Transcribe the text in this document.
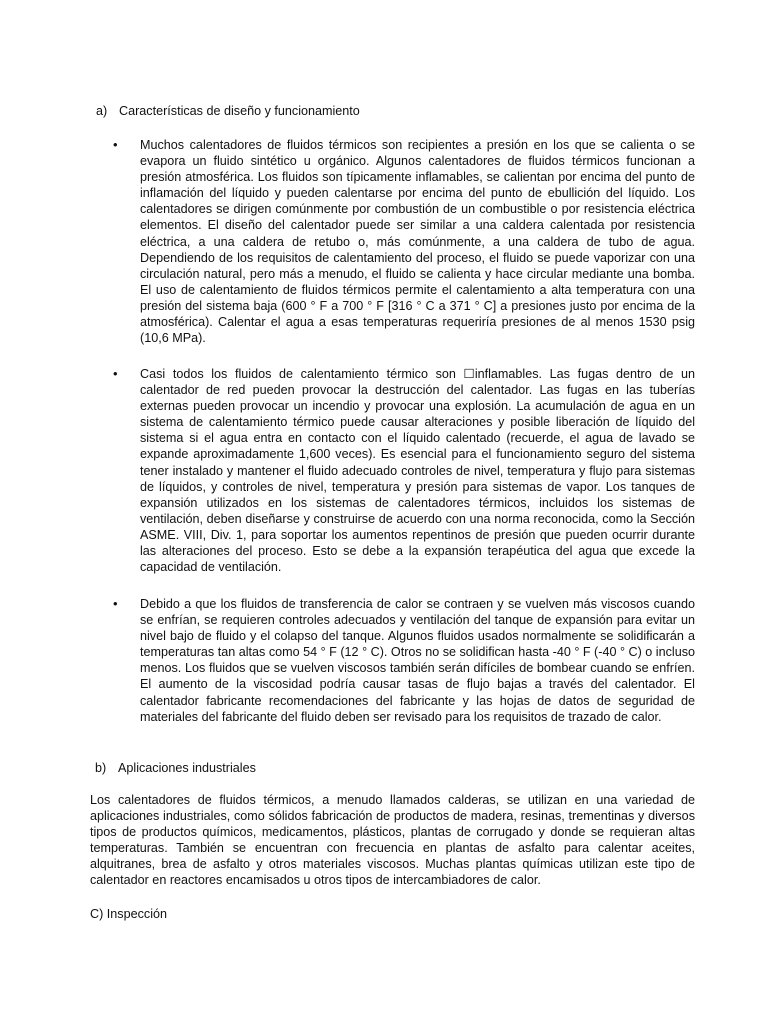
a) Características de diseño y funcionamiento
• Muchos calentadores de fluidos térmicos son recipientes a presión en los que se calienta o se evapora un fluido sintético u orgánico. Algunos calentadores de fluidos térmicos funcionan a presión atmosférica. Los fluidos son típicamente inflamables, se calientan por encima del punto de inflamación del líquido y pueden calentarse por encima del punto de ebullición del líquido. Los calentadores se dirigen comúnmente por combustión de un combustible o por resistencia eléctrica elementos. El diseño del calentador puede ser similar a una caldera calentada por resistencia eléctrica, a una caldera de retubo o, más comúnmente, a una caldera de tubo de agua. Dependiendo de los requisitos de calentamiento del proceso, el fluido se puede vaporizar con una circulación natural, pero más a menudo, el fluido se calienta y hace circular mediante una bomba. El uso de calentamiento de fluidos térmicos permite el calentamiento a alta temperatura con una presión del sistema baja (600 ° F a 700 ° F [316 ° C a 371 ° C] a presiones justo por encima de la atmosférica). Calentar el agua a esas temperaturas requeriría presiones de al menos 1530 psig (10,6 MPa).

• Casi todos los fluidos de calentamiento térmico son ☐inflamables. Las fugas dentro de un calentador de red pueden provocar la destrucción del calentador. Las fugas en las tuberías externas pueden provocar un incendio y provocar una explosión. La acumulación de agua en un sistema de calentamiento térmico puede causar alteraciones y posible liberación de líquido del sistema si el agua entra en contacto con el líquido calentado (recuerde, el agua de lavado se expande aproximadamente 1,600 veces). Es esencial para el funcionamiento seguro del sistema tener instalado y mantener el fluido adecuado controles de nivel, temperatura y flujo para sistemas de líquidos, y controles de nivel, temperatura y presión para sistemas de vapor. Los tanques de expansión utilizados en los sistemas de calentadores térmicos, incluidos los sistemas de ventilación, deben diseñarse y construirse de acuerdo con una norma reconocida, como la Sección ASME. VIII, Div. 1, para soportar los aumentos repentinos de presión que pueden ocurrir durante las alteraciones del proceso. Esto se debe a la expansión terapéutica del agua que excede la capacidad de ventilación.

• Debido a que los fluidos de transferencia de calor se contraen y se vuelven más viscosos cuando se enfrían, se requieren controles adecuados y ventilación del tanque de expansión para evitar un nivel bajo de fluido y el colapso del tanque. Algunos fluidos usados normalmente se solidificarán a temperaturas tan altas como 54 ° F (12 ° C). Otros no se solidifican hasta -40 ° F (-40 ° C) o incluso menos. Los fluidos que se vuelven viscosos también serán difíciles de bombear cuando se enfríen. El aumento de la viscosidad podría causar tasas de flujo bajas a través del calentador. El calentador fabricante recomendaciones del fabricante y las hojas de datos de seguridad de materiales del fabricante del fluido deben ser revisado para los requisitos de trazado de calor.

b) Aplicaciones industriales

Los calentadores de fluidos térmicos, a menudo llamados calderas, se utilizan en una variedad de aplicaciones industriales, como sólidos fabricación de productos de madera, resinas, trementinas y diversos tipos de productos químicos, medicamentos, plásticos, plantas de corrugado y donde se requieran altas temperaturas. También se encuentran con frecuencia en plantas de asfalto para calentar aceites, alquitranes, brea de asfalto y otros materiales viscosos. Muchas plantas químicas utilizan este tipo de calentador en reactores encamisados u otros tipos de intercambiadores de calor.

C) Inspección
